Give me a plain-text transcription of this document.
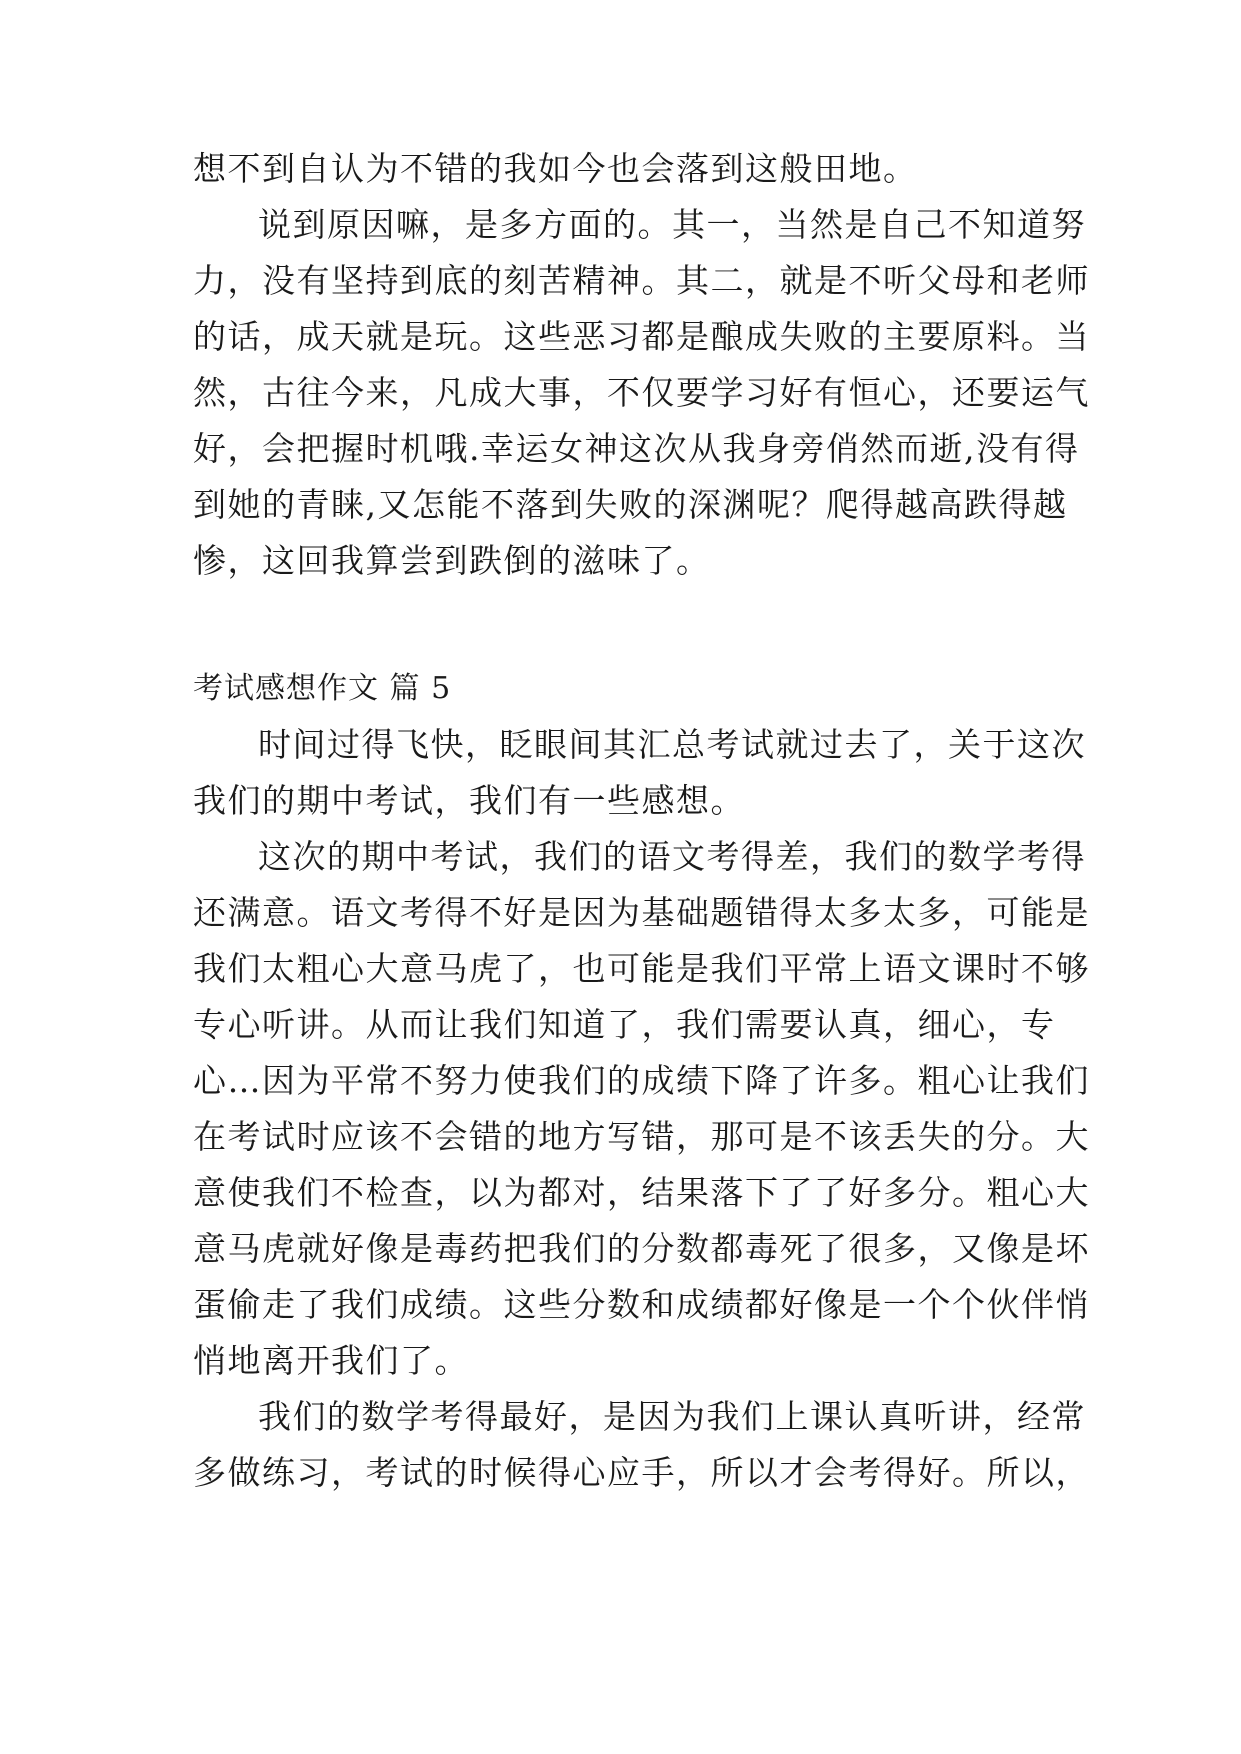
想不到自认为不错的我如今也会落到这般田地。
说到原因嘛，是多方面的。其一，当然是自己不知道努
力，没有坚持到底的刻苦精神。其二，就是不听父母和老师
的话，成天就是玩。这些恶习都是酿成失败的主要原料。当
然，古往今来，凡成大事，不仅要学习好有恒心，还要运气
好，会把握时机哦.幸运女神这次从我身旁俏然而逝,没有得
到她的青睐,又怎能不落到失败的深渊呢？爬得越高跌得越
惨，这回我算尝到跌倒的滋味了。
考试感想作文 篇 5
时间过得飞快，眨眼间其汇总考试就过去了，关于这次
我们的期中考试，我们有一些感想。
这次的期中考试，我们的语文考得差，我们的数学考得
还满意。语文考得不好是因为基础题错得太多太多，可能是
我们太粗心大意马虎了，也可能是我们平常上语文课时不够
专心听讲。从而让我们知道了，我们需要认真，细心，专
心…因为平常不努力使我们的成绩下降了许多。粗心让我们
在考试时应该不会错的地方写错，那可是不该丢失的分。大
意使我们不检查，以为都对，结果落下了了好多分。粗心大
意马虎就好像是毒药把我们的分数都毒死了很多，又像是坏
蛋偷走了我们成绩。这些分数和成绩都好像是一个个伙伴悄
悄地离开我们了。
我们的数学考得最好，是因为我们上课认真听讲，经常
多做练习，考试的时候得心应手，所以才会考得好。所以，
